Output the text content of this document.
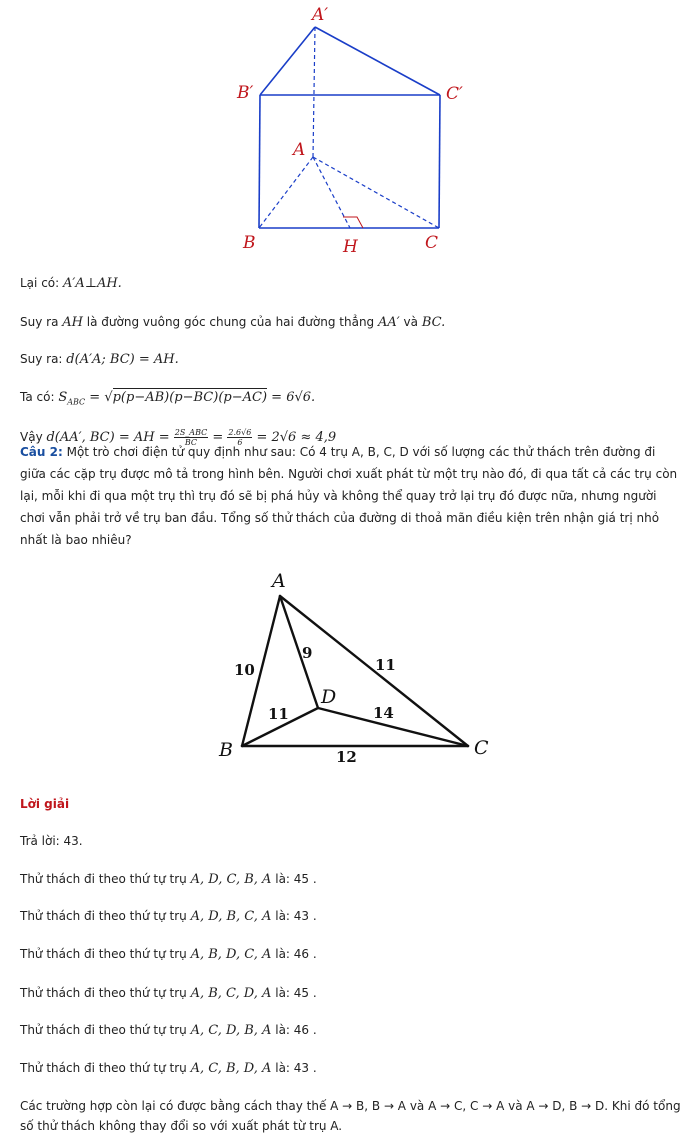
A′
B′	C′
A
B	C
H

Lại có: A′A⊥AH.

Suy ra AH là đường vuông góc chung của hai đường thẳng AA′ và BC.

Suy ra: d(A′A; BC) = AH.

Ta có: $S_{ABC} = √p(p-AB)(p-BC)(p-AC) = 6√6$.

Vậy d(AA′, BC) = AH = $\frac{\text{2S\_ABC}}{BC} = \frac{2.6√6}{6} = 2√6 \approx 4,9$

Câu 2: Một trò chơi điện tử quy định như sau: Có 4 trụ A, B, C, D với số lượng các thử thách trên đường đi giữa các cặp trụ được mô tả trong hình bên. Người chơi xuất phát từ một trụ nào đó, đi qua tất cả các trụ còn lại, mỗi khi đi qua một trụ thì trụ đó sẽ bị phá hủy và không thể quay trở lại trụ đó được nữa, nhưng người chơi vẫn phải trở về trụ ban đầu. Tổng số thử thách của đường di thoả mãn điều kiện trên nhận giá trị nhỏ nhất là bao nhiêu?

A
B	C
D
10
9
11
11	14
12

Lời giải

Trả lời: 43.

Thử thách đi theo thứ tự trụ A, D, C, B, A là: 45 .

Thử thách đi theo thứ tự trụ A, D, B, C, A là: 43 .

Thử thách đi theo thứ tự trụ A, B, D, C, A là: 46 .

Thử thách đi theo thứ tự trụ A, B, C, D, A là: 45 .

Thử thách đi theo thứ tự trụ A, C, D, B, A là: 46 .

Thử thách đi theo thứ tự trụ A, C, B, D, A là: 43 .

Các trường hợp còn lại có được bằng cách thay thế A → B, B → A và A → C, C → A và A → D, B → D. Khi đó tổng số thử thách không thay đổi so với xuất phát từ trụ A.
